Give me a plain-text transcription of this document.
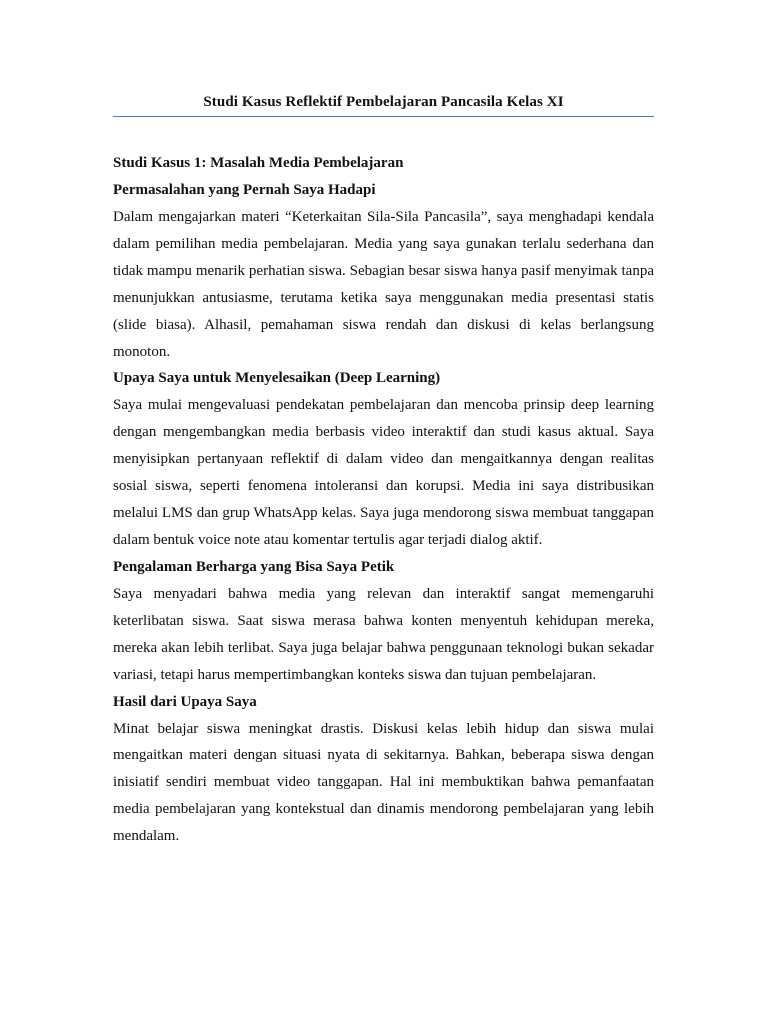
Studi Kasus Reflektif Pembelajaran Pancasila Kelas XI

Studi Kasus 1: Masalah Media Pembelajaran

Permasalahan yang Pernah Saya Hadapi

Dalam mengajarkan materi “Keterkaitan Sila-Sila Pancasila”, saya menghadapi kendala dalam pemilihan media pembelajaran. Media yang saya gunakan terlalu sederhana dan tidak mampu menarik perhatian siswa. Sebagian besar siswa hanya pasif menyimak tanpa menunjukkan antusiasme, terutama ketika saya menggunakan media presentasi statis (slide biasa). Alhasil, pemahaman siswa rendah dan diskusi di kelas berlangsung monoton.

Upaya Saya untuk Menyelesaikan (Deep Learning)

Saya mulai mengevaluasi pendekatan pembelajaran dan mencoba prinsip deep learning dengan mengembangkan media berbasis video interaktif dan studi kasus aktual. Saya menyisipkan pertanyaan reflektif di dalam video dan mengaitkannya dengan realitas sosial siswa, seperti fenomena intoleransi dan korupsi. Media ini saya distribusikan melalui LMS dan grup WhatsApp kelas. Saya juga mendorong siswa membuat tanggapan dalam bentuk voice note atau komentar tertulis agar terjadi dialog aktif.

Pengalaman Berharga yang Bisa Saya Petik

Saya menyadari bahwa media yang relevan dan interaktif sangat memengaruhi keterlibatan siswa. Saat siswa merasa bahwa konten menyentuh kehidupan mereka, mereka akan lebih terlibat. Saya juga belajar bahwa penggunaan teknologi bukan sekadar variasi, tetapi harus mempertimbangkan konteks siswa dan tujuan pembelajaran.

Hasil dari Upaya Saya

Minat belajar siswa meningkat drastis. Diskusi kelas lebih hidup dan siswa mulai mengaitkan materi dengan situasi nyata di sekitarnya. Bahkan, beberapa siswa dengan inisiatif sendiri membuat video tanggapan. Hal ini membuktikan bahwa pemanfaatan media pembelajaran yang kontekstual dan dinamis mendorong pembelajaran yang lebih mendalam.
